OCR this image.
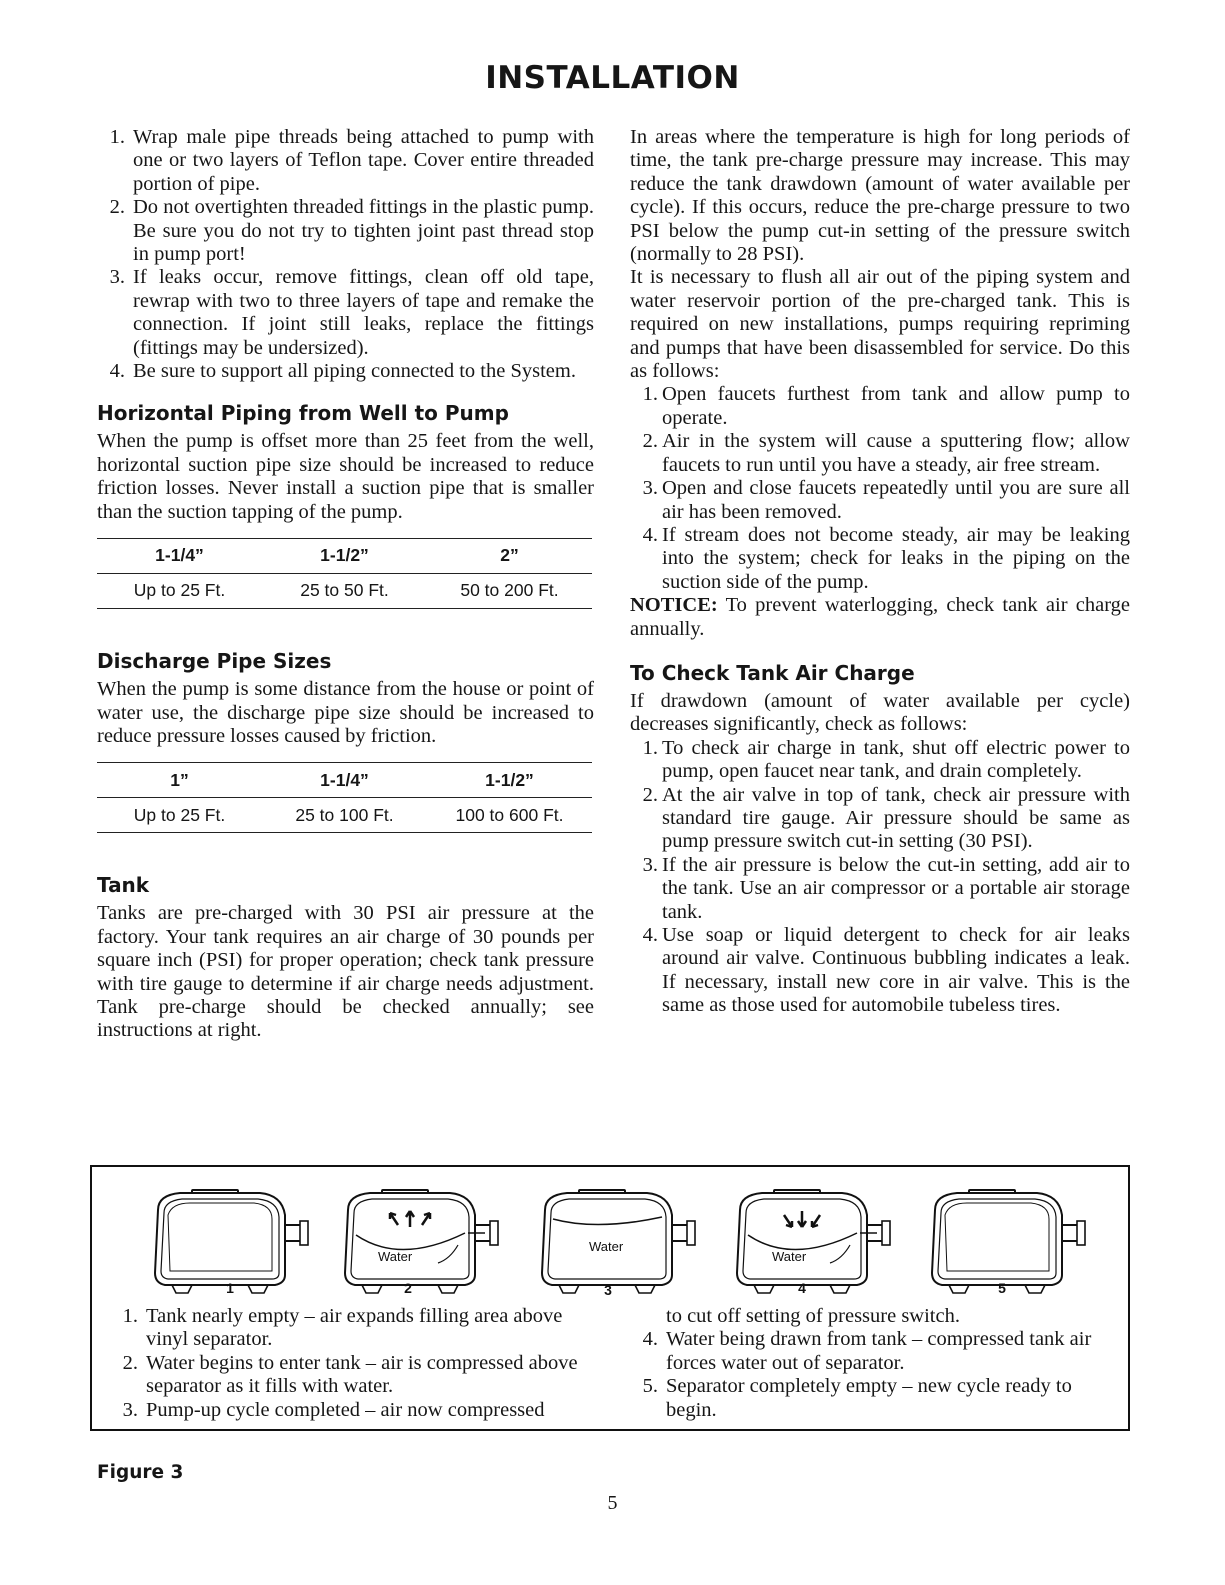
INSTALLATION
1. Wrap male pipe threads being attached to pump with one or two layers of Teflon tape. Cover entire threaded portion of pipe.
2. Do not overtighten threaded fittings in the plastic pump. Be sure you do not try to tighten joint past thread stop in pump port!
3. If leaks occur, remove fittings, clean off old tape, rewrap with two to three layers of tape and remake the connection. If joint still leaks, replace the fittings (fittings may be undersized).
4. Be sure to support all piping connected to the System.
Horizontal Piping from Well to Pump

When the pump is offset more than 25 feet from the well, horizontal suction pipe size should be increased to reduce friction losses. Never install a suction pipe that is smaller than the suction tapping of the pump.

1-1/4”	1-1/2”	2”
Up to 25 Ft.	25 to 50 Ft.	50 to 200 Ft.
Discharge Pipe Sizes

When the pump is some distance from the house or point of water use, the discharge pipe size should be increased to reduce pressure losses caused by friction.

1”	1-1/4”	1-1/2”
Up to 25 Ft.	25 to 100 Ft.	100 to 600 Ft.
Tank

Tanks are pre-charged with 30 PSI air pressure at the factory. Your tank requires an air charge of 30 pounds per square inch (PSI) for proper operation; check tank pressure with tire gauge to determine if air charge needs adjustment. Tank pre-charge should be checked annually; see instructions at right.

In areas where the temperature is high for long periods of time, the tank pre-charge pressure may increase. This may reduce the tank drawdown (amount of water available per cycle). If this occurs, reduce the pre-charge pressure to two PSI below the pump cut-in setting of the pressure switch (normally to 28 PSI).

It is necessary to flush all air out of the piping system and water reservoir portion of the pre-charged tank. This is required on new installations, pumps requiring repriming and pumps that have been disassembled for service. Do this as follows:

1. Open faucets furthest from tank and allow pump to operate.
2. Air in the system will cause a sputtering flow; allow faucets to run until you have a steady, air free stream.
3. Open and close faucets repeatedly until you are sure all air has been removed.
4. If stream does not become steady, air may be leaking into the system; check for leaks in the piping on the suction side of the pump.

NOTICE: To prevent waterlogging, check tank air charge annually.

To Check Tank Air Charge

If drawdown (amount of water available per cycle) decreases significantly, check as follows:

1. To check air charge in tank, shut off electric power to pump, open faucet near tank, and drain completely.
2. At the air valve in top of tank, check air pressure with standard tire gauge. Air pressure should be same as pump pressure switch cut-in setting (30 PSI).
3. If the air pressure is below the cut-in setting, add air to the tank. Use an air compressor or a portable air storage tank.
4. Use soap or liquid detergent to check for air leaks around air valve. Continuous bubbling indicates a leak. If necessary, install new core in air valve. This is the same as those used for automobile tubeless tires.
Water
Water
Water
1	2	3	4	5
1. Tank nearly empty – air expands filling area above vinyl separator.
2. Water begins to enter tank – air is compressed above separator as it fills with water.
3. Pump-up cycle completed – air now compressed
to cut off setting of pressure switch.
4. Water being drawn from tank – compressed tank air forces water out of separator.
5. Separator completely empty – new cycle ready to begin.
Figure 3
5
